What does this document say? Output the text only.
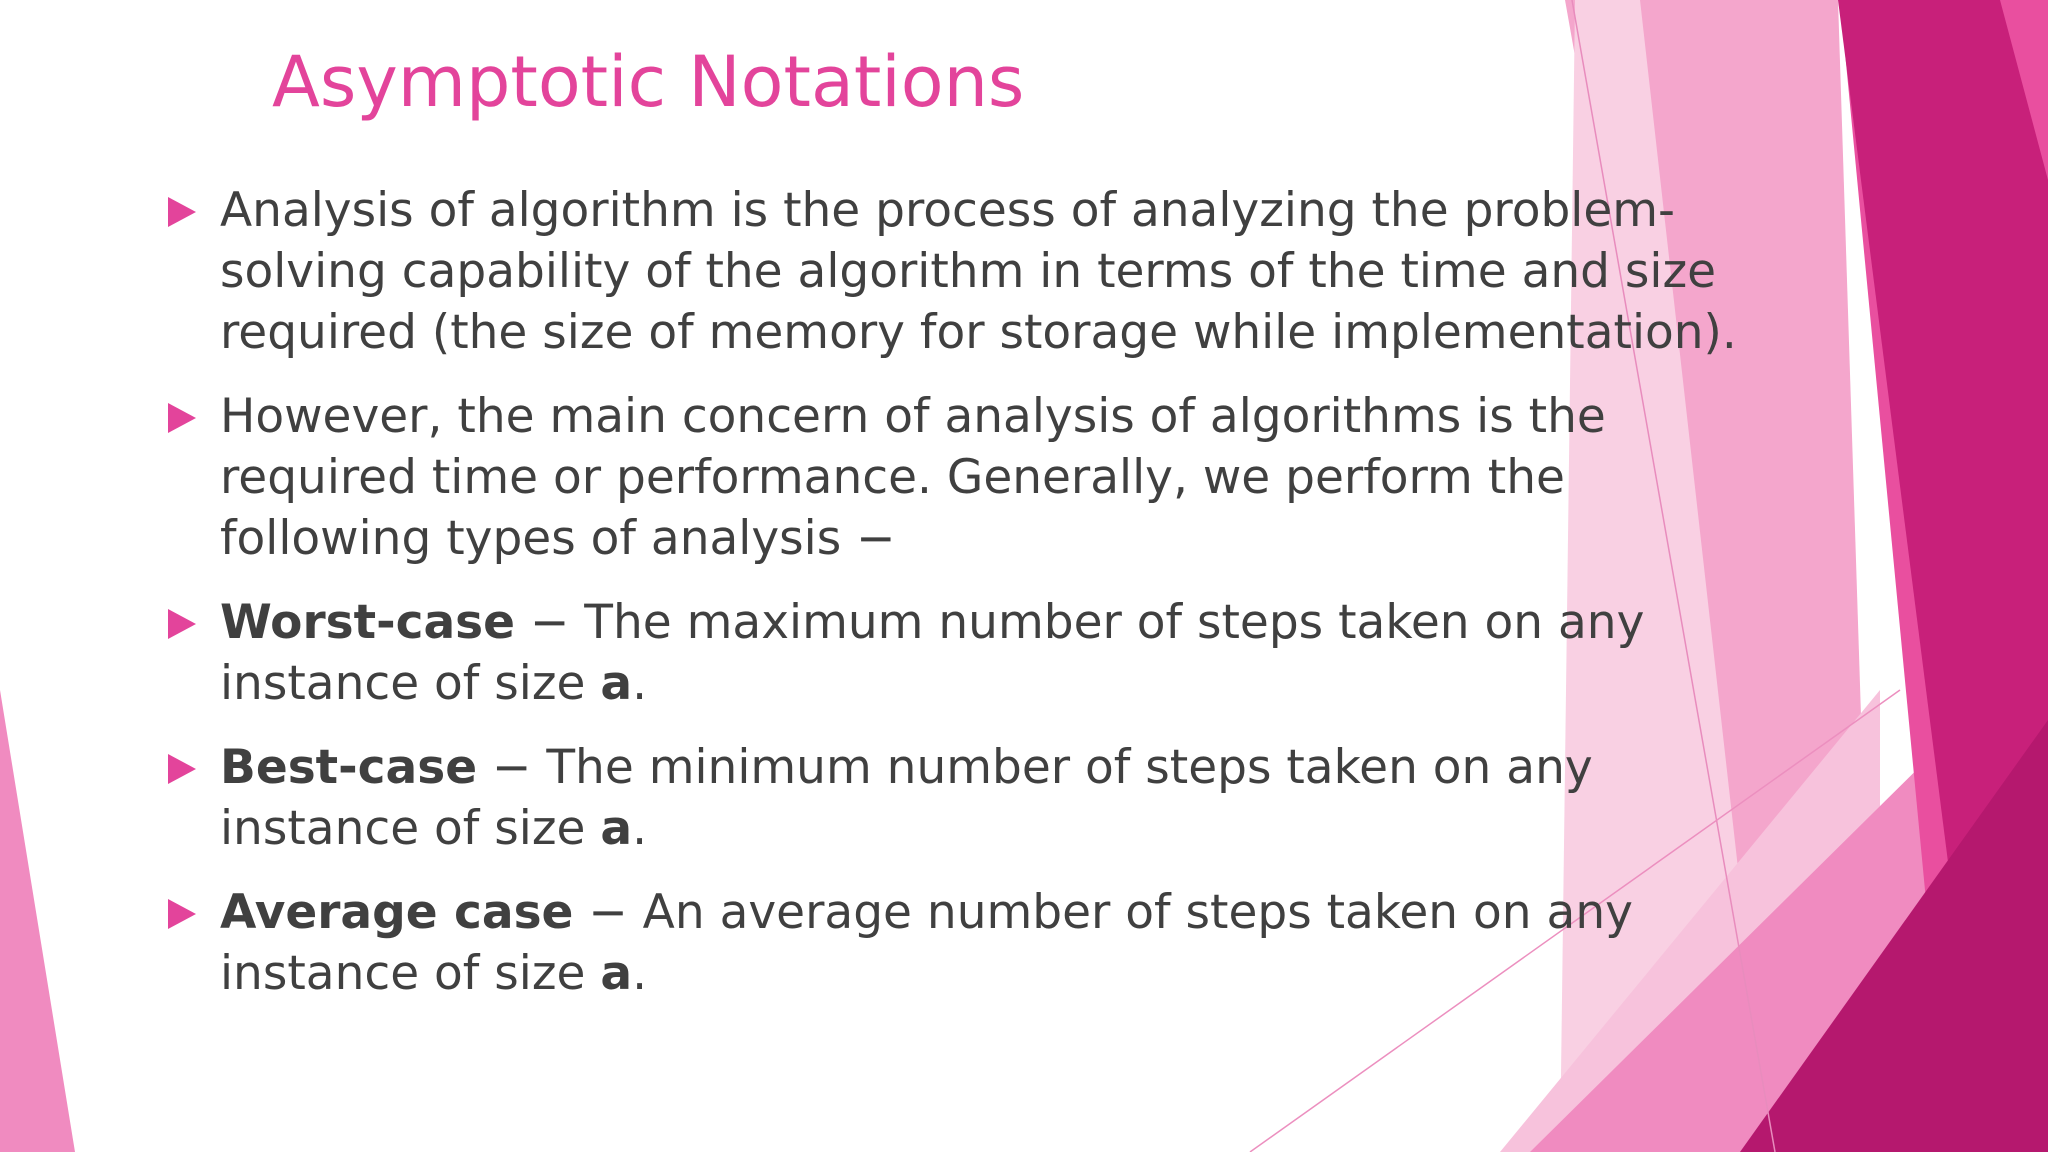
Asymptotic Notations
Analysis of algorithm is the process of analyzing the problem-solving capability of the algorithm in terms of the time and size required (the size of memory for storage while implementation).
However, the main concern of analysis of algorithms is the required time or performance. Generally, we perform the following types of analysis −
Worst-case − The maximum number of steps taken on any instance of size a.
Best-case − The minimum number of steps taken on any instance of size a.
Average case − An average number of steps taken on any instance of size a.
